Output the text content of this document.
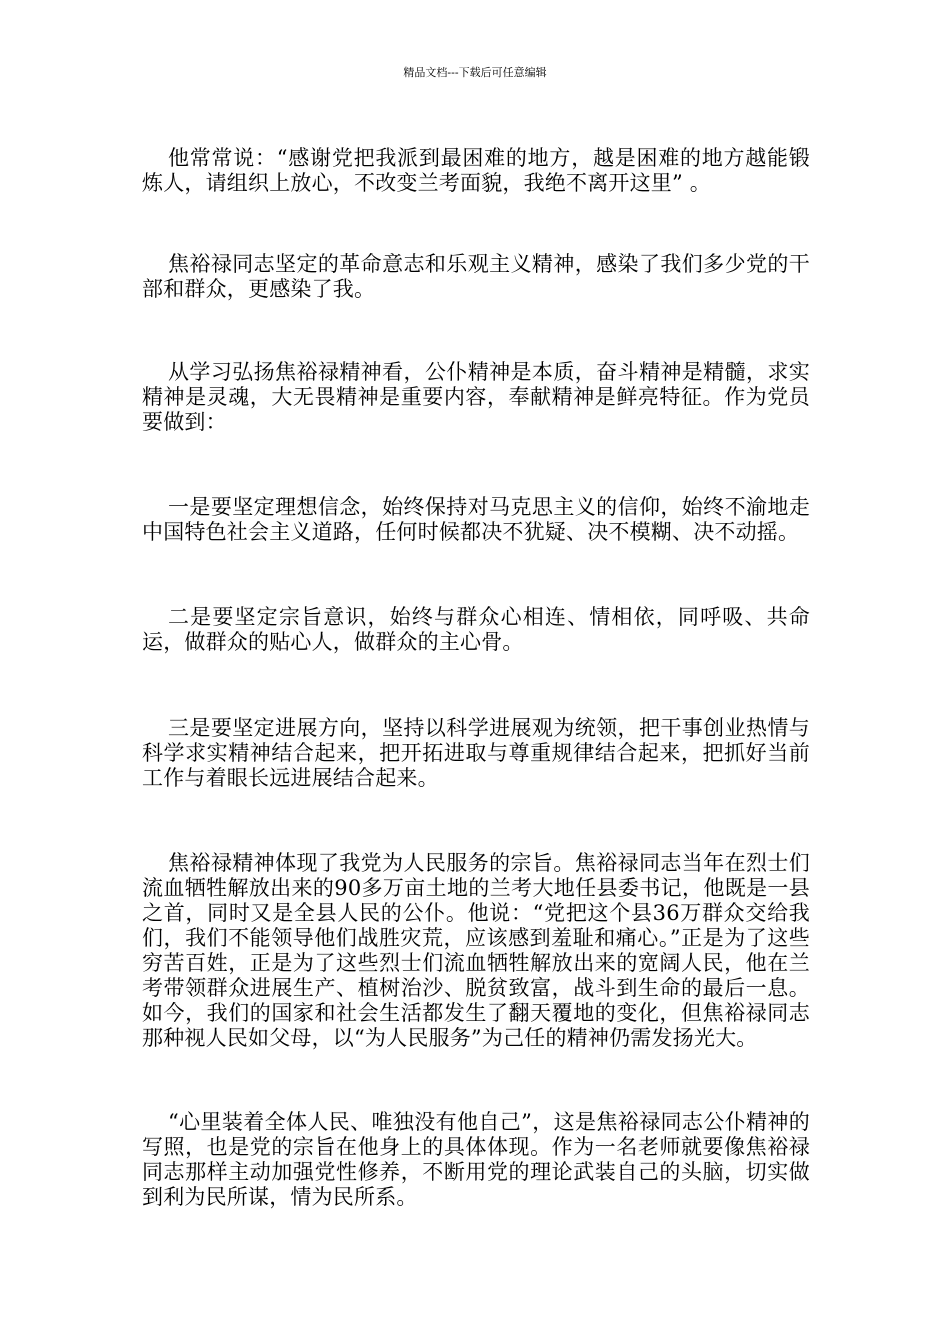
精品文档---下载后可任意编辑

他常常说：“感谢党把我派到最困难的地方，越是困难的地方越能锻炼人，请组织上放心，不改变兰考面貌，我绝不离开这里” 。

焦裕禄同志坚定的革命意志和乐观主义精神，感染了我们多少党的干部和群众，更感染了我。

从学习弘扬焦裕禄精神看，公仆精神是本质，奋斗精神是精髓，求实精神是灵魂，大无畏精神是重要内容，奉献精神是鲜亮特征。作为党员要做到：

一是要坚定理想信念，始终保持对马克思主义的信仰，始终不渝地走中国特色社会主义道路，任何时候都决不犹疑、决不模糊、决不动摇。

二是要坚定宗旨意识，始终与群众心相连、情相依，同呼吸、共命运，做群众的贴心人，做群众的主心骨。

三是要坚定进展方向，坚持以科学进展观为统领，把干事创业热情与科学求实精神结合起来，把开拓进取与尊重规律结合起来，把抓好当前工作与着眼长远进展结合起来。

焦裕禄精神体现了我党为人民服务的宗旨。焦裕禄同志当年在烈士们流血牺牲解放出来的90多万亩土地的兰考大地任县委书记，他既是一县之首，同时又是全县人民的公仆。他说：“党把这个县36万群众交给我们，我们不能领导他们战胜灾荒，应该感到羞耻和痛心。”正是为了这些穷苦百姓，正是为了这些烈士们流血牺牲解放出来的宽阔人民，他在兰考带领群众进展生产、植树治沙、脱贫致富，战斗到生命的最后一息。如今，我们的国家和社会生活都发生了翻天覆地的变化，但焦裕禄同志那种视人民如父母，以“为人民服务”为己任的精神仍需发扬光大。

“心里装着全体人民、唯独没有他自己”，这是焦裕禄同志公仆精神的写照，也是党的宗旨在他身上的具体体现。作为一名老师就要像焦裕禄同志那样主动加强党性修养，不断用党的理论武装自己的头脑，切实做到利为民所谋，情为民所系。
